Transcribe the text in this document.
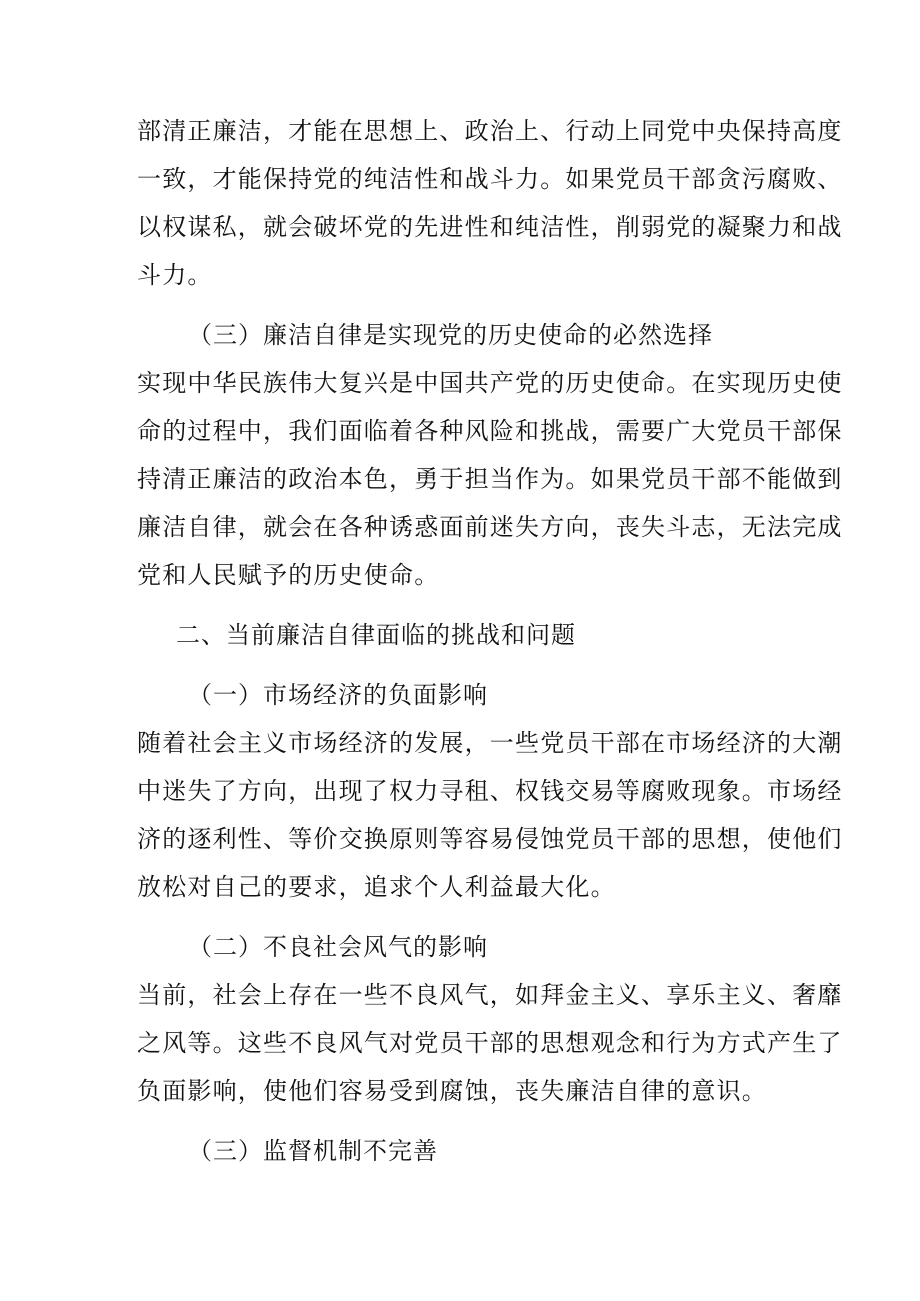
部清正廉洁，才能在思想上、政治上、行动上同党中央保持高度
一致，才能保持党的纯洁性和战斗力。如果党员干部贪污腐败、
以权谋私，就会破坏党的先进性和纯洁性，削弱党的凝聚力和战
斗力。
（三）廉洁自律是实现党的历史使命的必然选择
实现中华民族伟大复兴是中国共产党的历史使命。在实现历史使
命的过程中，我们面临着各种风险和挑战，需要广大党员干部保
持清正廉洁的政治本色，勇于担当作为。如果党员干部不能做到
廉洁自律，就会在各种诱惑面前迷失方向，丧失斗志，无法完成
党和人民赋予的历史使命。
二、当前廉洁自律面临的挑战和问题
（一）市场经济的负面影响
随着社会主义市场经济的发展，一些党员干部在市场经济的大潮
中迷失了方向，出现了权力寻租、权钱交易等腐败现象。市场经
济的逐利性、等价交换原则等容易侵蚀党员干部的思想，使他们
放松对自己的要求，追求个人利益最大化。
（二）不良社会风气的影响
当前，社会上存在一些不良风气，如拜金主义、享乐主义、奢靡
之风等。这些不良风气对党员干部的思想观念和行为方式产生了
负面影响，使他们容易受到腐蚀，丧失廉洁自律的意识。
（三）监督机制不完善
